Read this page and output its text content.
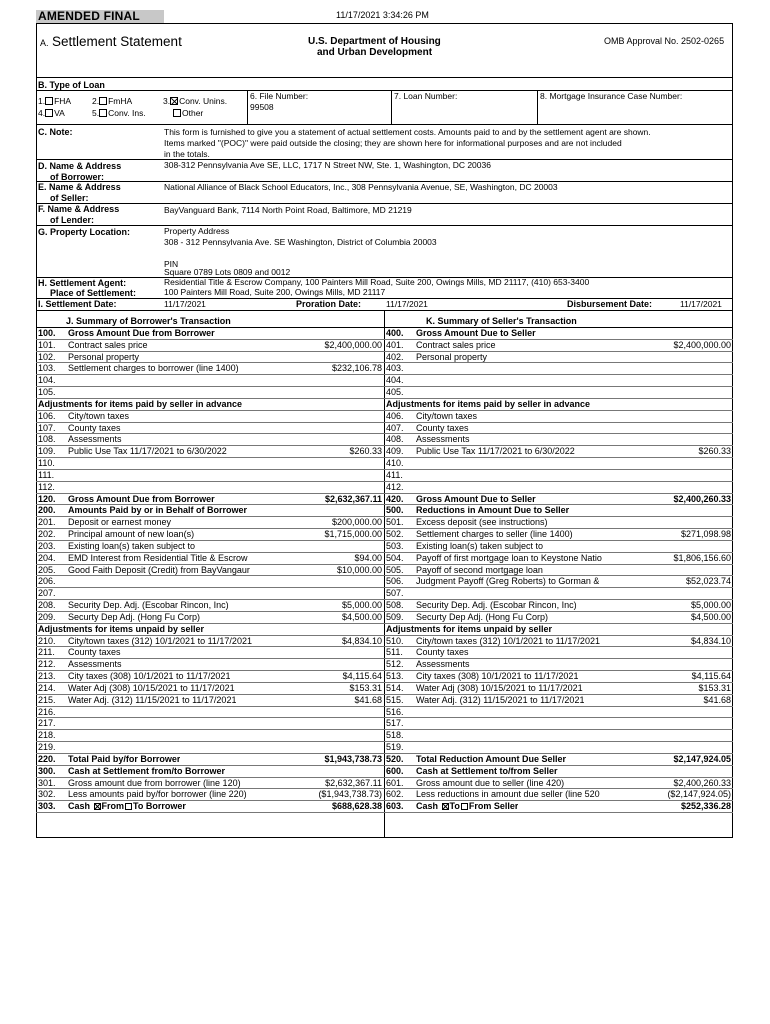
11/17/2021 3:34:26 PM
AMENDED FINAL
A. Settlement Statement	U.S. Department of Housing
and Urban Development
OMB Approval No. 2502-0265
B. Type of Loan
1. FHA 2. FmHA	3. Conv. Unins.
4. VA	5. Conv. Ins.	Other
6. File Number:
99508
7. Loan Number:	8. Mortgage Insurance Case Number:
C. Note:	This form is furnished to give you a statement of actual settlement costs. Amounts paid to and by the settlement agent are shown.
Items marked "(POC)" were paid outside the closing; they are shown here for informational purposes and are not included
in the totals.
D. Name & Address
of Borrower:
308-312 Pennsylvania Ave SE, LLC, 1717 N Street NW, Ste. 1, Washington, DC 20036
E. Name & Address
of Seller:
National Alliance of Black School Educators, Inc., 308 Pennsylvania Avenue, SE, Washington, DC 20003
F. Name & Address
of Lender:
BayVanguard Bank, 7114 North Point Road, Baltimore, MD 21219
G. Property Location:	Property Address
308 - 312 Pennsylvania Ave. SE Washington, District of Columbia 20003
PIN
Square 0789 Lots 0809 and 0012
H. Settlement Agent:
Place of Settlement:
Residential Title & Escrow Company, 100 Painters Mill Road, Suite 200, Owings Mills, MD 21117, (410) 653-3400
100 Painters Mill Road, Suite 200, Owings Mills, MD 21117
I. Settlement Date:	11/17/2021	Proration Date:	11/17/2021	Disbursement Date:	11/17/2021
J. Summary of Borrower's Transaction	K. Summary of Seller's Transaction
100.	Gross Amount Due from Borrower
101.	Contract sales price	$2,400,000.00
102.	Personal property
103.	Settlement charges to borrower (line 1400)	$232,106.78
104.
105.
Adjustments for items paid by seller in advance
106.	City/town taxes
107.	County taxes
108.	Assessments
109.	Public Use Tax 11/17/2021 to 6/30/2022	$260.33
110.
111.
112.
120.	Gross Amount Due from Borrower	$2,632,367.11
200.	Amounts Paid by or in Behalf of Borrower
201.	Deposit or earnest money	$200,000.00
202.	Principal amount of new loan(s)	$1,715,000.00
203.	Existing loan(s) taken subject to
204.	EMD Interest from Residential Title & Escrow	$94.00
205.	Good Faith Deposit (Credit) from BayVangaur	$10,000.00
206.
207.
208.	Security Dep. Adj. (Escobar Rincon, Inc)	$5,000.00
209.	Securty Dep Adj. (Hong Fu Corp)	$4,500.00
Adjustments for items unpaid by seller
210.	City/town taxes (312) 10/1/2021 to 11/17/2021	$4,834.10
211.	County taxes
212.	Assessments
213.	City taxes (308) 10/1/2021 to 11/17/2021	$4,115.64
214.	Water Adj (308) 10/15/2021 to 11/17/2021	$153.31
215.	Water Adj. (312) 11/15/2021 to 11/17/2021	$41.68
216.
217.
218.
219.
220.	Total Paid by/for Borrower	$1,943,738.73
300.	Cash at Settlement from/to Borrower
301.	Gross amount due from borrower (line 120)	$2,632,367.11
302.	Less amounts paid by/for borrower (line 220)	($1,943,738.73)
303.	Cash From To Borrower	$688,628.38
400.	Gross Amount Due to Seller
401.	Contract sales price	$2,400,000.00
402.	Personal property
403.
404.
405.
Adjustments for items paid by seller in advance
406.	City/town taxes
407.	County taxes
408.	Assessments
409.	Public Use Tax 11/17/2021 to 6/30/2022	$260.33
410.
411.
412.
420.	Gross Amount Due to Seller	$2,400,260.33
500.	Reductions in Amount Due to Seller
501.	Excess deposit (see instructions)
502.	Settlement charges to seller (line 1400)	$271,098.98
503.	Existing loan(s) taken subject to
504.	Payoff of first mortgage loan to Keystone Natio	$1,806,156.60
505.	Payoff of second mortgage loan
506.	Judgment Payoff (Greg Roberts) to Gorman &	$52,023.74
507.
508.	Security Dep. Adj. (Escobar Rincon, Inc)	$5,000.00
509.	Securty Dep Adj. (Hong Fu Corp)	$4,500.00
Adjustments for items unpaid by seller
510.	City/town taxes (312) 10/1/2021 to 11/17/2021	$4,834.10
511.	County taxes
512.	Assessments
513.	City taxes (308) 10/1/2021 to 11/17/2021	$4,115.64
514.	Water Adj (308) 10/15/2021 to 11/17/2021	$153.31
515.	Water Adj. (312) 11/15/2021 to 11/17/2021	$41.68
516.
517.
518.
519.
520.	Total Reduction Amount Due Seller	$2,147,924.05
600.	Cash at Settlement to/from Seller
601.	Gross amount due to seller (line 420)	$2,400,260.33
602.	Less reductions in amount due seller (line 520	($2,147,924.05)
603.	Cash To From Seller	$252,336.28
